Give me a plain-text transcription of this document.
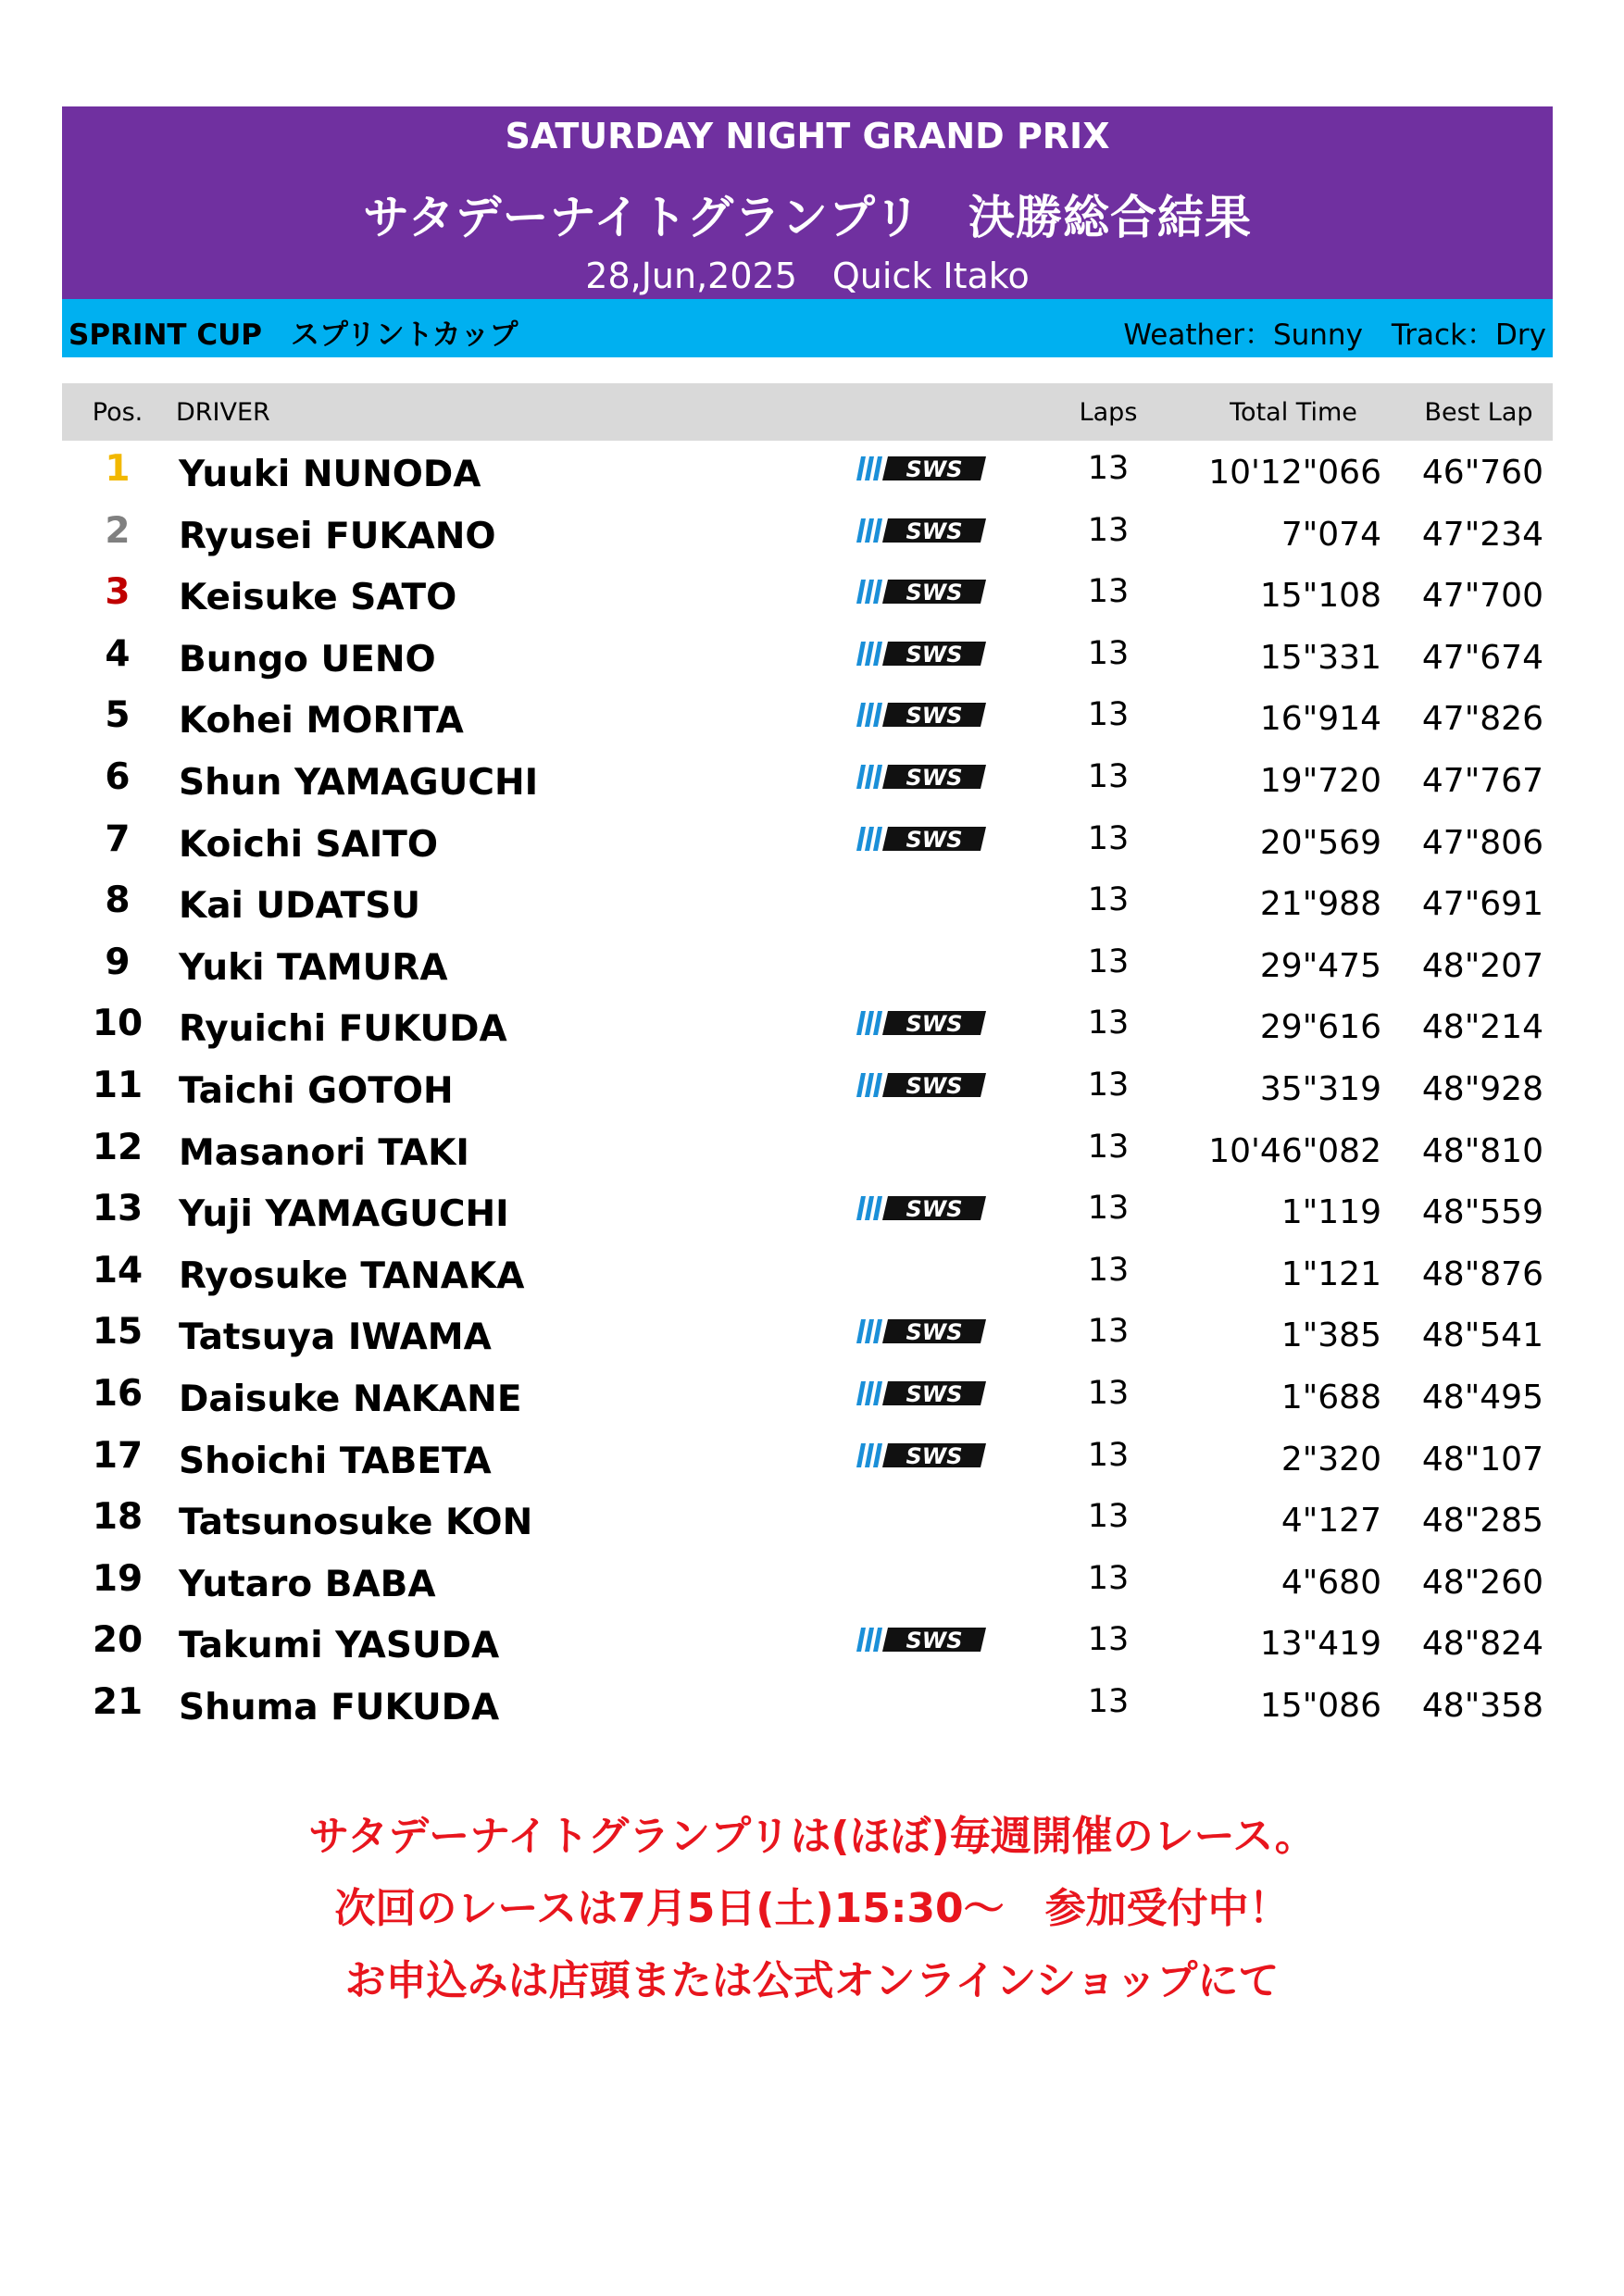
SATURDAY NIGHT GRAND PRIX
サタデーナイトグランプリ　決勝総合結果
28,Jun,2025　Quick Itako
SPRINT CUP　スプリントカップ	Weather：Sunny　Track：Dry
Pos.	DRIVER	Laps	Total Time	Best Lap
1	Yuuki NUNODA	13	10'12"066	46"760
SWS
2	Ryusei FUKANO	13	7"074	47"234
SWS
3	Keisuke SATO	13	15"108	47"700
SWS
4	Bungo UENO	13	15"331	47"674
SWS
5	Kohei MORITA	13	16"914	47"826
SWS
6	Shun YAMAGUCHI	13	19"720	47"767
SWS
7	Koichi SAITO	13	20"569	47"806
SWS
8	Kai UDATSU	13	21"988	47"691
9	Yuki TAMURA	13	29"475	48"207
10 Ryuichi FUKUDA	13	29"616	48"214
SWS
11 Taichi GOTOH	13	35"319	48"928
SWS
12 Masanori TAKI	13	10'46"082	48"810
13 Yuji YAMAGUCHI	13	1"119	48"559
SWS
14 Ryosuke TANAKA	13	1"121	48"876
15 Tatsuya IWAMA	13	1"385	48"541
SWS
16 Daisuke NAKANE	13	1"688	48"495
SWS
17 Shoichi TABETA	13	2"320	48"107
SWS
18 Tatsunosuke KON	13	4"127	48"285
19 Yutaro BABA	13	4"680	48"260
20 Takumi YASUDA	13	13"419	48"824
SWS
21 Shuma FUKUDA	13	15"086	48"358
サタデーナイトグランプリは(ほぼ)毎週開催のレース。
次回のレースは7月5日(土)15:30～　参加受付中！
お申込みは店頭または公式オンラインショップにて
